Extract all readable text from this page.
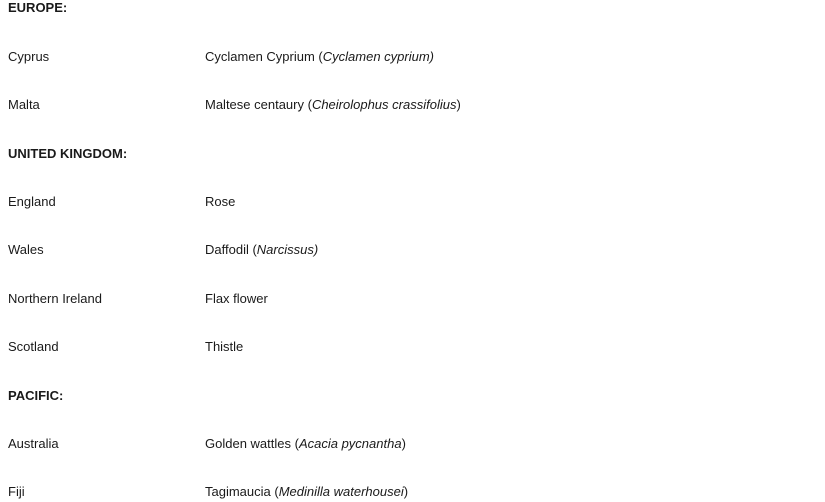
EUROPE:
Cyprus	Cyclamen Cyprium (Cyclamen cyprium)
Malta	Maltese centaury (Cheirolophus crassifolius)
UNITED KINGDOM:
England	Rose
Wales	Daffodil (Narcissus)
Northern Ireland	Flax flower
Scotland	Thistle
PACIFIC:
Australia	Golden wattles (Acacia pycnantha)
Fiji	Tagimaucia (Medinilla waterhousei)
